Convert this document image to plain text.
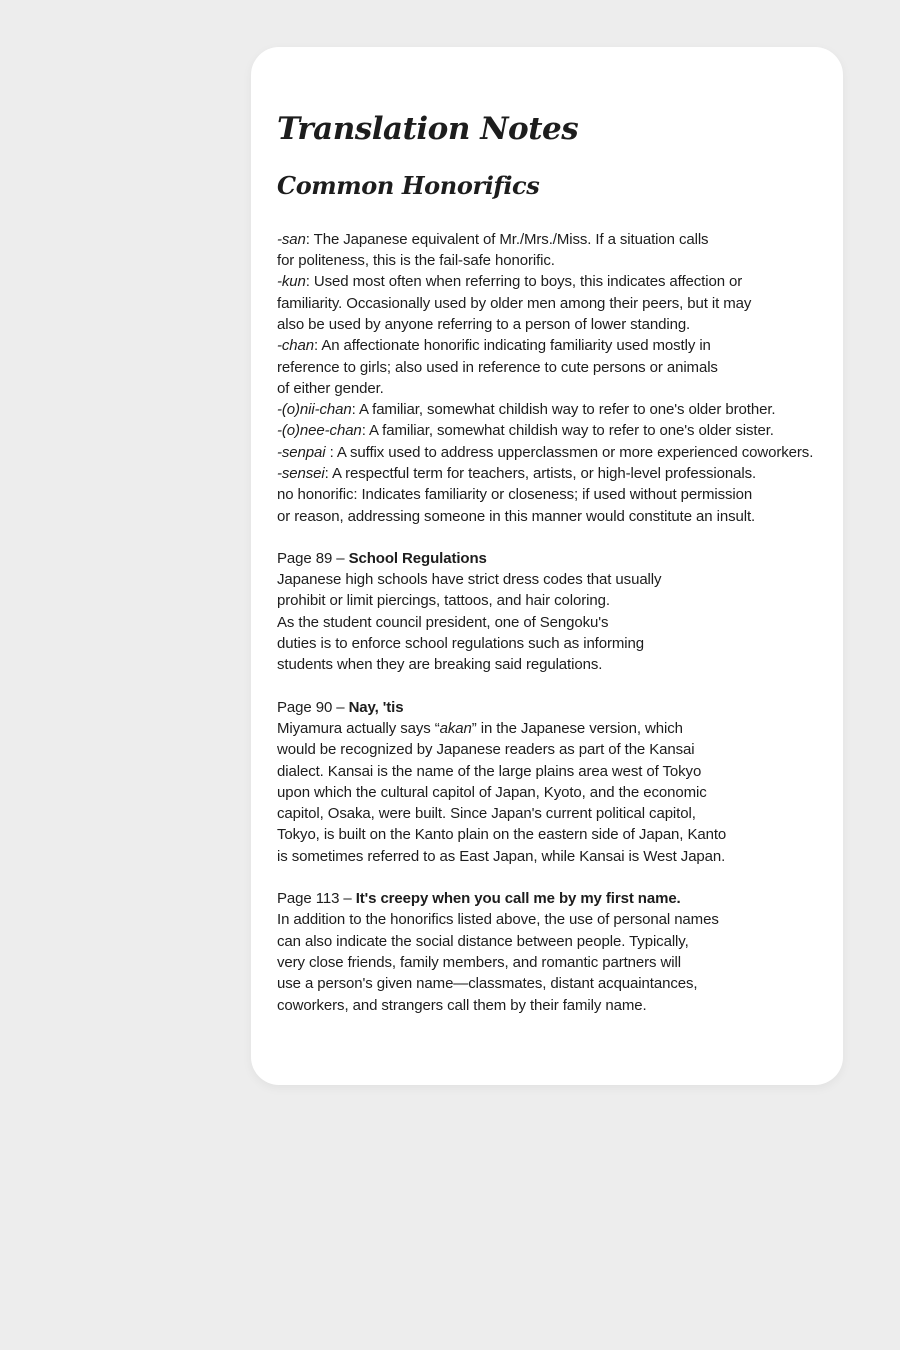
Translation Notes
Common Honorifics
-san: The Japanese equivalent of Mr./Mrs./Miss. If a situation calls
for politeness, this is the fail-safe honorific.
-kun: Used most often when referring to boys, this indicates affection or
familiarity. Occasionally used by older men among their peers, but it may
also be used by anyone referring to a person of lower standing.
-chan: An affectionate honorific indicating familiarity used mostly in
reference to girls; also used in reference to cute persons or animals
of either gender.
-(o)nii-chan: A familiar, somewhat childish way to refer to one's older brother.
-(o)nee-chan: A familiar, somewhat childish way to refer to one's older sister.
-senpai : A suffix used to address upperclassmen or more experienced coworkers.
-sensei: A respectful term for teachers, artists, or high-level professionals.
no honorific: Indicates familiarity or closeness; if used without permission
or reason, addressing someone in this manner would constitute an insult.
Page 89 – School Regulations
Japanese high schools have strict dress codes that usually
prohibit or limit piercings, tattoos, and hair coloring.
As the student council president, one of Sengoku's
duties is to enforce school regulations such as informing
students when they are breaking said regulations.
Page 90 – Nay, 'tis
Miyamura actually says “akan” in the Japanese version, which
would be recognized by Japanese readers as part of the Kansai
dialect. Kansai is the name of the large plains area west of Tokyo
upon which the cultural capitol of Japan, Kyoto, and the economic
capitol, Osaka, were built. Since Japan's current political capitol,
Tokyo, is built on the Kanto plain on the eastern side of Japan, Kanto
is sometimes referred to as East Japan, while Kansai is West Japan.
Page 113 – It's creepy when you call me by my first name.
In addition to the honorifics listed above, the use of personal names
can also indicate the social distance between people. Typically,
very close friends, family members, and romantic partners will
use a person's given name—classmates, distant acquaintances,
coworkers, and strangers call them by their family name.
